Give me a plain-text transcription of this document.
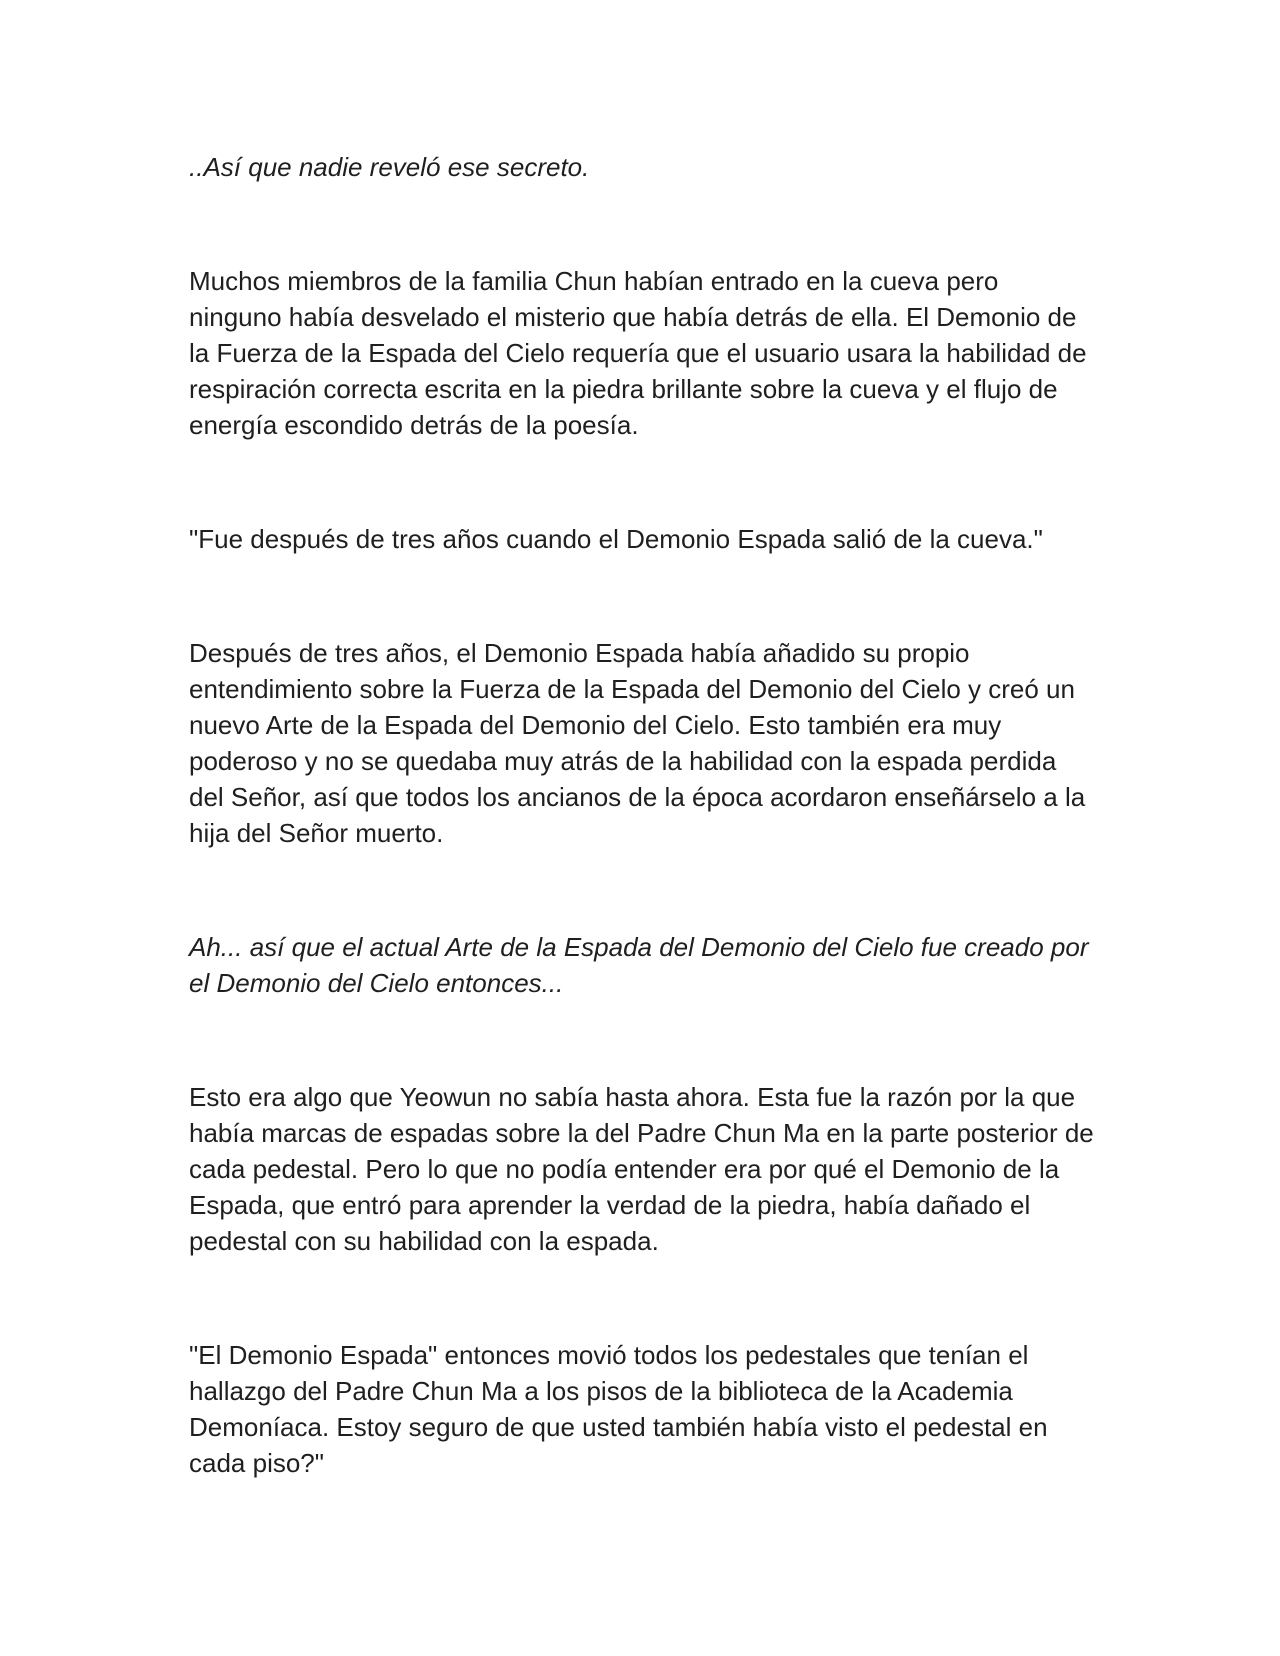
..Así que nadie reveló ese secreto.

Muchos miembros de la familia Chun habían entrado en la cueva pero ninguno había desvelado el misterio que había detrás de ella. El Demonio de la Fuerza de la Espada del Cielo requería que el usuario usara la habilidad de respiración correcta escrita en la piedra brillante sobre la cueva y el flujo de energía escondido detrás de la poesía.

"Fue después de tres años cuando el Demonio Espada salió de la cueva."

Después de tres años, el Demonio Espada había añadido su propio entendimiento sobre la Fuerza de la Espada del Demonio del Cielo y creó un nuevo Arte de la Espada del Demonio del Cielo. Esto también era muy poderoso y no se quedaba muy atrás de la habilidad con la espada perdida del Señor, así que todos los ancianos de la época acordaron enseñárselo a la hija del Señor muerto.

Ah... así que el actual Arte de la Espada del Demonio del Cielo fue creado por el Demonio del Cielo entonces...

Esto era algo que Yeowun no sabía hasta ahora. Esta fue la razón por la que había marcas de espadas sobre la del Padre Chun Ma en la parte posterior de cada pedestal. Pero lo que no podía entender era por qué el Demonio de la Espada, que entró para aprender la verdad de la piedra, había dañado el pedestal con su habilidad con la espada.

"El Demonio Espada" entonces movió todos los pedestales que tenían el hallazgo del Padre Chun Ma a los pisos de la biblioteca de la Academia Demoníaca. Estoy seguro de que usted también había visto el pedestal en cada piso?"
